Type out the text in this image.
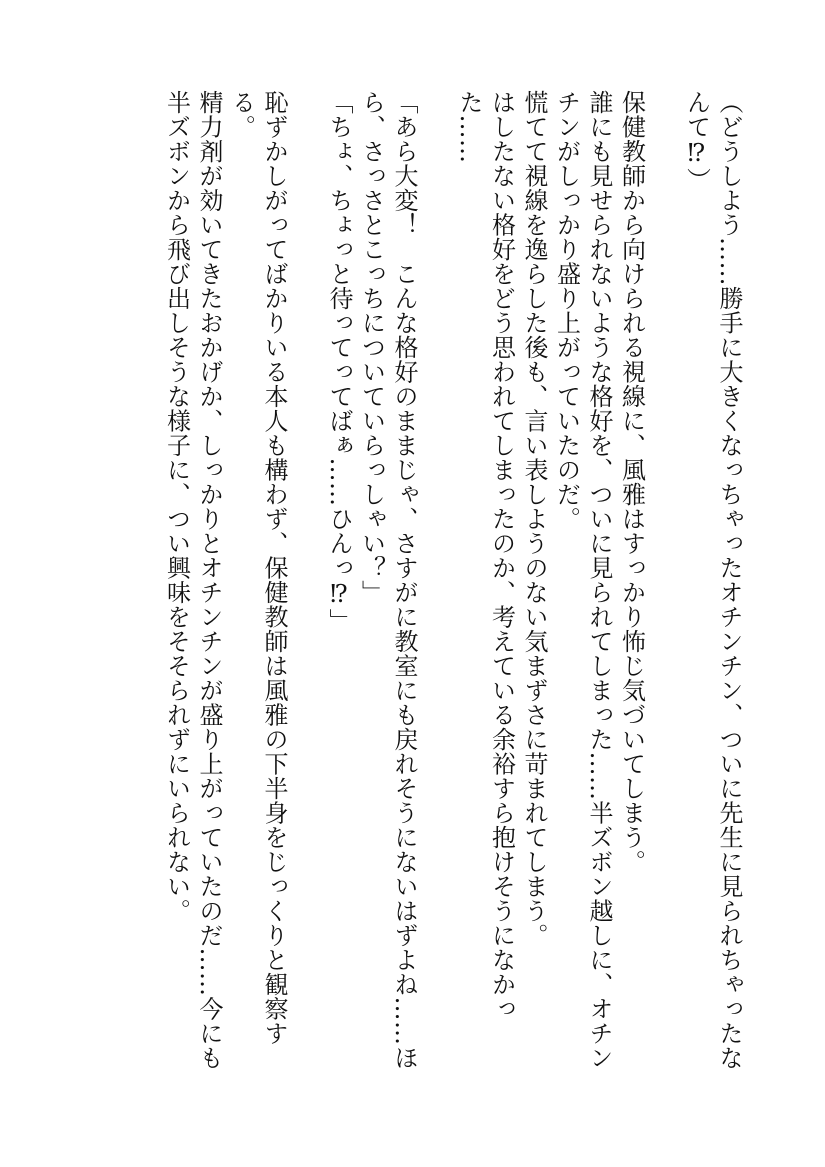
（どうしよう……勝手に大きくなっちゃったオチンチン、ついに先生に見られちゃったなんて⁉︎）

保健教師から向けられる視線に、風雅はすっかり怖じ気づいてしまう。

誰にも見せられないような格好を、ついに見られてしまった……半ズボン越しに、オチンチンがしっかり盛り上がっていたのだ。

慌てて視線を逸らした後も、言い表しようのない気まずさに苛まれてしまう。

はしたない格好をどう思われてしまったのか、考えている余裕すら抱けそうになかった……

「あら大変！　こんな格好のままじゃ、さすがに教室にも戻れそうにないはずよね……ほら、さっさとこっちについていらっしゃい？」

「ちょ、ちょっと待ってってばぁ……ひんっ⁉︎」

恥ずかしがってばかりいる本人も構わず、保健教師は風雅の下半身をじっくりと観察する。

精力剤が効いてきたおかげか、しっかりとオチンチンが盛り上がっていたのだ……今にも半ズボンから飛び出しそうな様子に、つい興味をそそられずにいられない。
